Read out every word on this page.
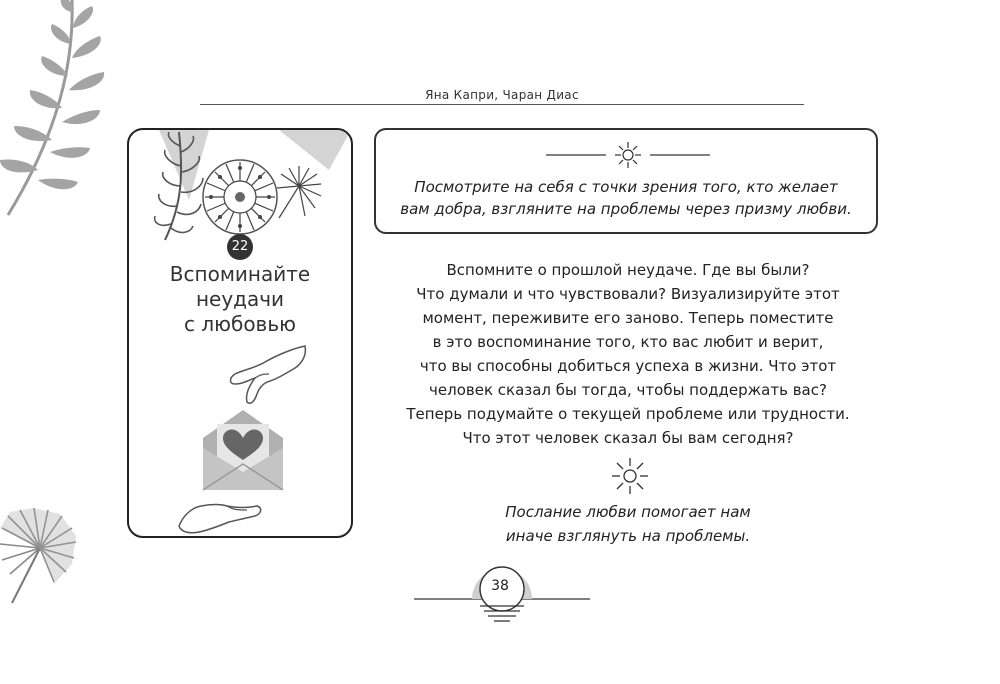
Яна Капри, Чаран Диас
22
Вспоминайте
неудачи
с любовью
Посмотрите на себя с точки зрения того, кто желает
вам добра, взгляните на проблемы через призму любви.
Вспомните о прошлой неудаче. Где вы были?
Что думали и что чувствовали? Визуализируйте этот
момент, переживите его заново. Теперь поместите
в это воспоминание того, кто вас любит и верит,
что вы способны добиться успеха в жизни. Что этот
человек сказал бы тогда, чтобы поддержать вас?
Теперь подумайте о текущей проблеме или трудности.
Что этот человек сказал бы вам сегодня?
Послание любви помогает нам
иначе взглянуть на проблемы.
38
